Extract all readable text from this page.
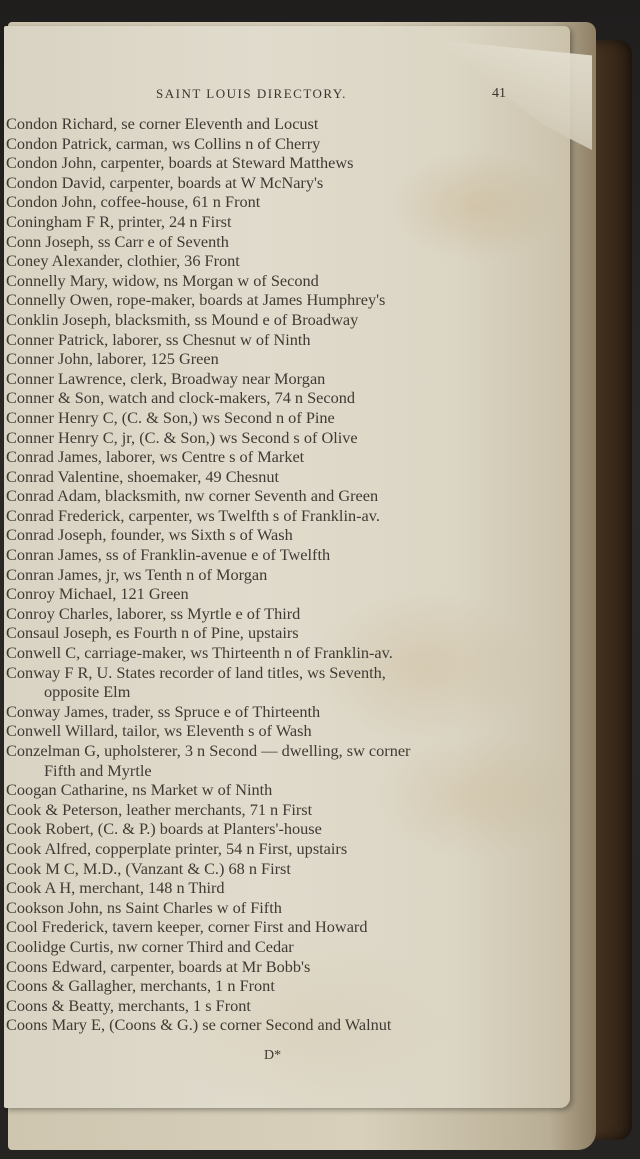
SAINT LOUIS DIRECTORY.	41
Condon Richard, se corner Eleventh and Locust
Condon Patrick, carman, ws Collins n of Cherry
Condon John, carpenter, boards at Steward Matthews
Condon David, carpenter, boards at W McNary's
Condon John, coffee-house, 61 n Front
Coningham F R, printer, 24 n First
Conn Joseph, ss Carr e of Seventh
Coney Alexander, clothier, 36 Front
Connelly Mary, widow, ns Morgan w of Second
Connelly Owen, rope-maker, boards at James Humphrey's
Conklin Joseph, blacksmith, ss Mound e of Broadway
Conner Patrick, laborer, ss Chesnut w of Ninth
Conner John, laborer, 125 Green
Conner Lawrence, clerk, Broadway near Morgan
Conner & Son, watch and clock-makers, 74 n Second
Conner Henry C, (C. & Son,) ws Second n of Pine
Conner Henry C, jr, (C. & Son,) ws Second s of Olive
Conrad James, laborer, ws Centre s of Market
Conrad Valentine, shoemaker, 49 Chesnut
Conrad Adam, blacksmith, nw corner Seventh and Green
Conrad Frederick, carpenter, ws Twelfth s of Franklin-av.
Conrad Joseph, founder, ws Sixth s of Wash
Conran James, ss of Franklin-avenue e of Twelfth
Conran James, jr, ws Tenth n of Morgan
Conroy Michael, 121 Green
Conroy Charles, laborer, ss Myrtle e of Third
Consaul Joseph, es Fourth n of Pine, upstairs
Conwell C, carriage-maker, ws Thirteenth n of Franklin-av.
Conway F R, U. States recorder of land titles, ws Seventh,
opposite Elm
Conway James, trader, ss Spruce e of Thirteenth
Conwell Willard, tailor, ws Eleventh s of Wash
Conzelman G, upholsterer, 3 n Second — dwelling, sw corner
Fifth and Myrtle
Coogan Catharine, ns Market w of Ninth
Cook & Peterson, leather merchants, 71 n First
Cook Robert, (C. & P.) boards at Planters'-house
Cook Alfred, copperplate printer, 54 n First, upstairs
Cook M C, M.D., (Vanzant & C.) 68 n First
Cook A H, merchant, 148 n Third
Cookson John, ns Saint Charles w of Fifth
Cool Frederick, tavern keeper, corner First and Howard
Coolidge Curtis, nw corner Third and Cedar
Coons Edward, carpenter, boards at Mr Bobb's
Coons & Gallagher, merchants, 1 n Front
Coons & Beatty, merchants, 1 s Front
Coons Mary E, (Coons & G.) se corner Second and Walnut
D*
